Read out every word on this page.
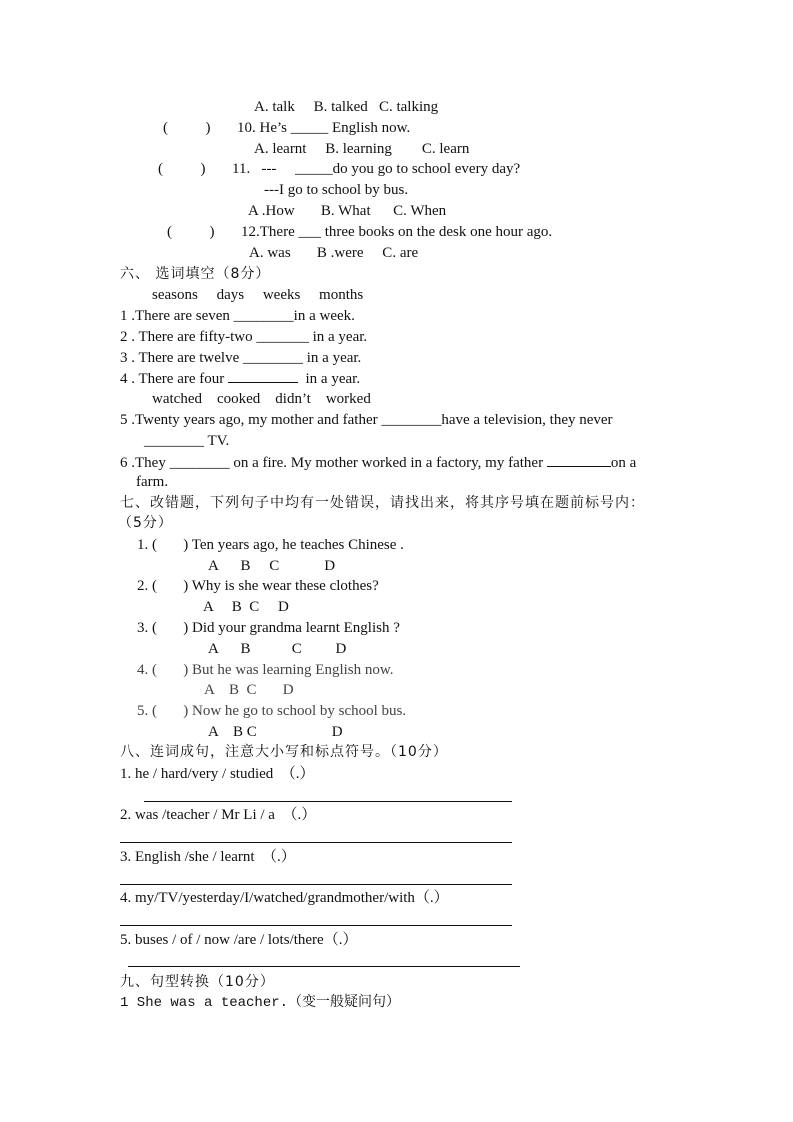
A. talk     B. talked   C. talking
(          ) 10. He’s _____ English now.
A. learnt     B. learning        C. learn
(          ) 11.   ---     _____do you go to school every day?
---I go to school by bus.
A .How       B. What      C. When
(          ) 12.There ___ three books on the desk one hour ago.
A. was       B .were     C. are
六、 选词填空（8分）
seasons     days     weeks     months
1 .There are seven ________in a week.
2 . There are fifty-two _______ in a year.
3 . There are twelve ________ in a year.
4 . There are four	in a year.
watched    cooked    didn’t    worked
5 .Twenty years ago, my mother and father ________have a television, they never
________ TV.
6 .They ________ on a fire. My mother worked in a factory, my father	on a
farm.
七、改错题，下列句子中均有一处错误，请找出来，将其序号填在题前标号内：
（5分）
1. (       ) Ten years ago, he teaches Chinese .
A      B     C            D
2. (       ) Why is she wear these clothes?
A     B  C     D
3. (       ) Did your grandma learnt English ?
A      B           C         D
4. (       ) But he was learning English now.
A    B  C       D
5. (       ) Now he go to school by school bus.
A    B C                    D
八、连词成句，注意大小写和标点符号。（10分）
1. he / hard/very / studied  （.）
2. was /teacher / Mr Li / a  （.）
3. English /she / learnt  （.）
4. my/TV/yesterday/I/watched/grandmother/with（.）
5. buses / of / now /are / lots/there（.）
九、句型转换（10分）
1 She was a teacher.（变一般疑问句）
